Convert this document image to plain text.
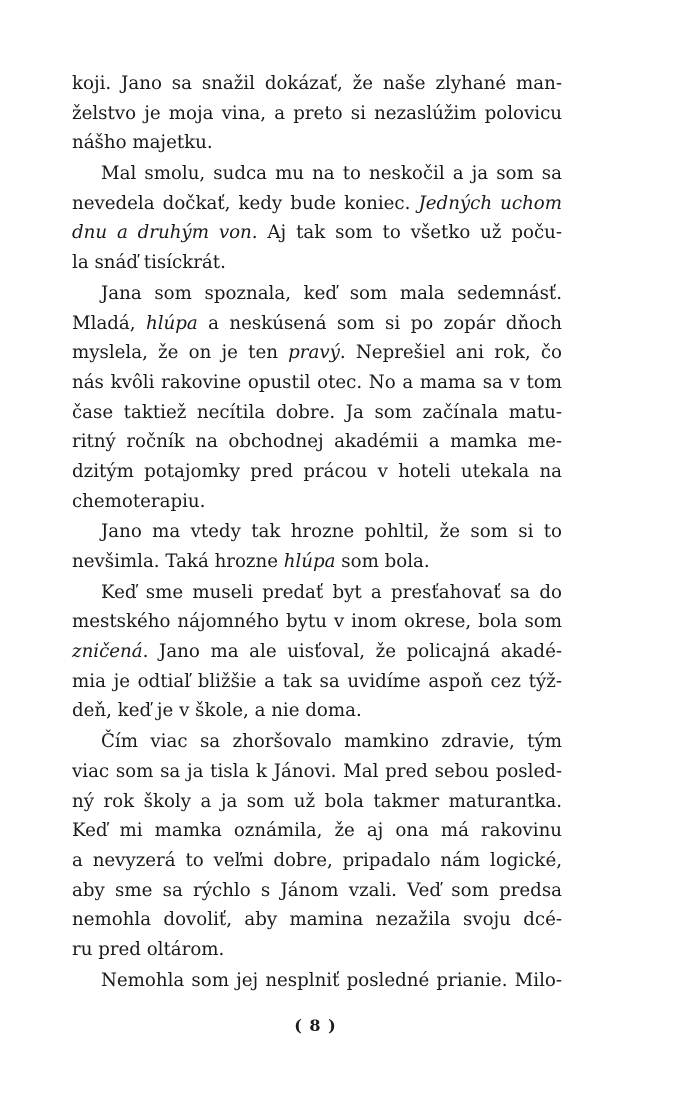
koji. Jano sa snažil dokázať, že naše zlyhané man-
želstvo je moja vina, a preto si nezaslúžim polovicu
nášho majetku.
Mal smolu, sudca mu na to neskočil a ja som sa
nevedela dočkať, kedy bude koniec. Jedných uchom
dnu a druhým von. Aj tak som to všetko už poču-
la snáď tisíckrát.
Jana som spoznala, keď som mala sedemnásť.
Mladá, hlúpa a neskúsená som si po zopár dňoch
myslela, že on je ten pravý. Neprešiel ani rok, čo
nás kvôli rakovine opustil otec. No a mama sa v tom
čase taktiež necítila dobre. Ja som začínala matu-
ritný ročník na obchodnej akadémii a mamka me-
dzitým potajomky pred prácou v hoteli utekala na
chemoterapiu.
Jano ma vtedy tak hrozne pohltil, že som si to
nevšimla. Taká hrozne hlúpa som bola.
Keď sme museli predať byt a presťahovať sa do
mestského nájomného bytu v inom okrese, bola som
zničená. Jano ma ale uisťoval, že policajná akadé-
mia je odtiaľ bližšie a tak sa uvidíme aspoň cez týž-
deň, keď je v škole, a nie doma.
Čím viac sa zhoršovalo mamkino zdravie, tým
viac som sa ja tisla k Jánovi. Mal pred sebou posled-
ný rok školy a ja som už bola takmer maturantka.
Keď mi mamka oznámila, že aj ona má rakovinu
a nevyzerá to veľmi dobre, pripadalo nám logické,
aby sme sa rýchlo s Jánom vzali. Veď som predsa
nemohla dovoliť, aby mamina nezažila svoju dcé-
ru pred oltárom.
Nemohla som jej nesplniť posledné prianie. Milo-
( 8 )
